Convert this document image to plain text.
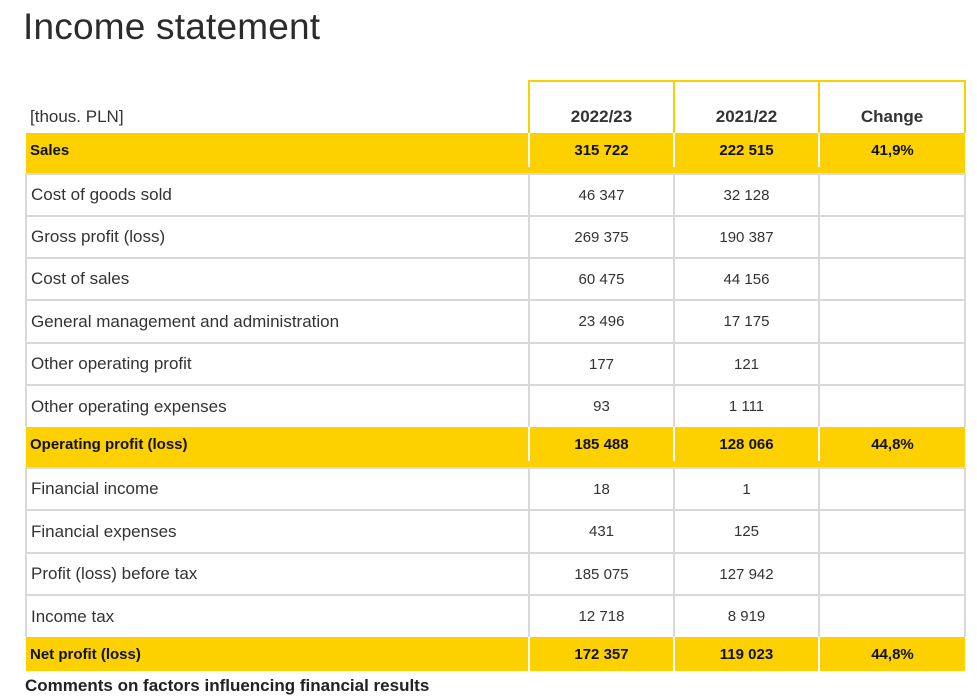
Income statement
[thous. PLN]	2022/23	2021/22	Change
Sales	315 722	222 515	41,9%

Cost of goods sold	46 347	32 128	
Gross profit (loss)	269 375	190 387	
Cost of sales	60 475	44 156	
General management and administration	23 496	17 175	
Other operating profit	177	121	
Other operating expenses	93	1 111	
Operating profit (loss)	185 488	128 066	44,8%

Financial income	18	1	
Financial expenses	431	125	
Profit (loss) before tax	185 075	127 942	
Income tax	12 718	8 919	
Net profit (loss)	172 357	119 023	44,8%
Comments on factors influencing financial results
